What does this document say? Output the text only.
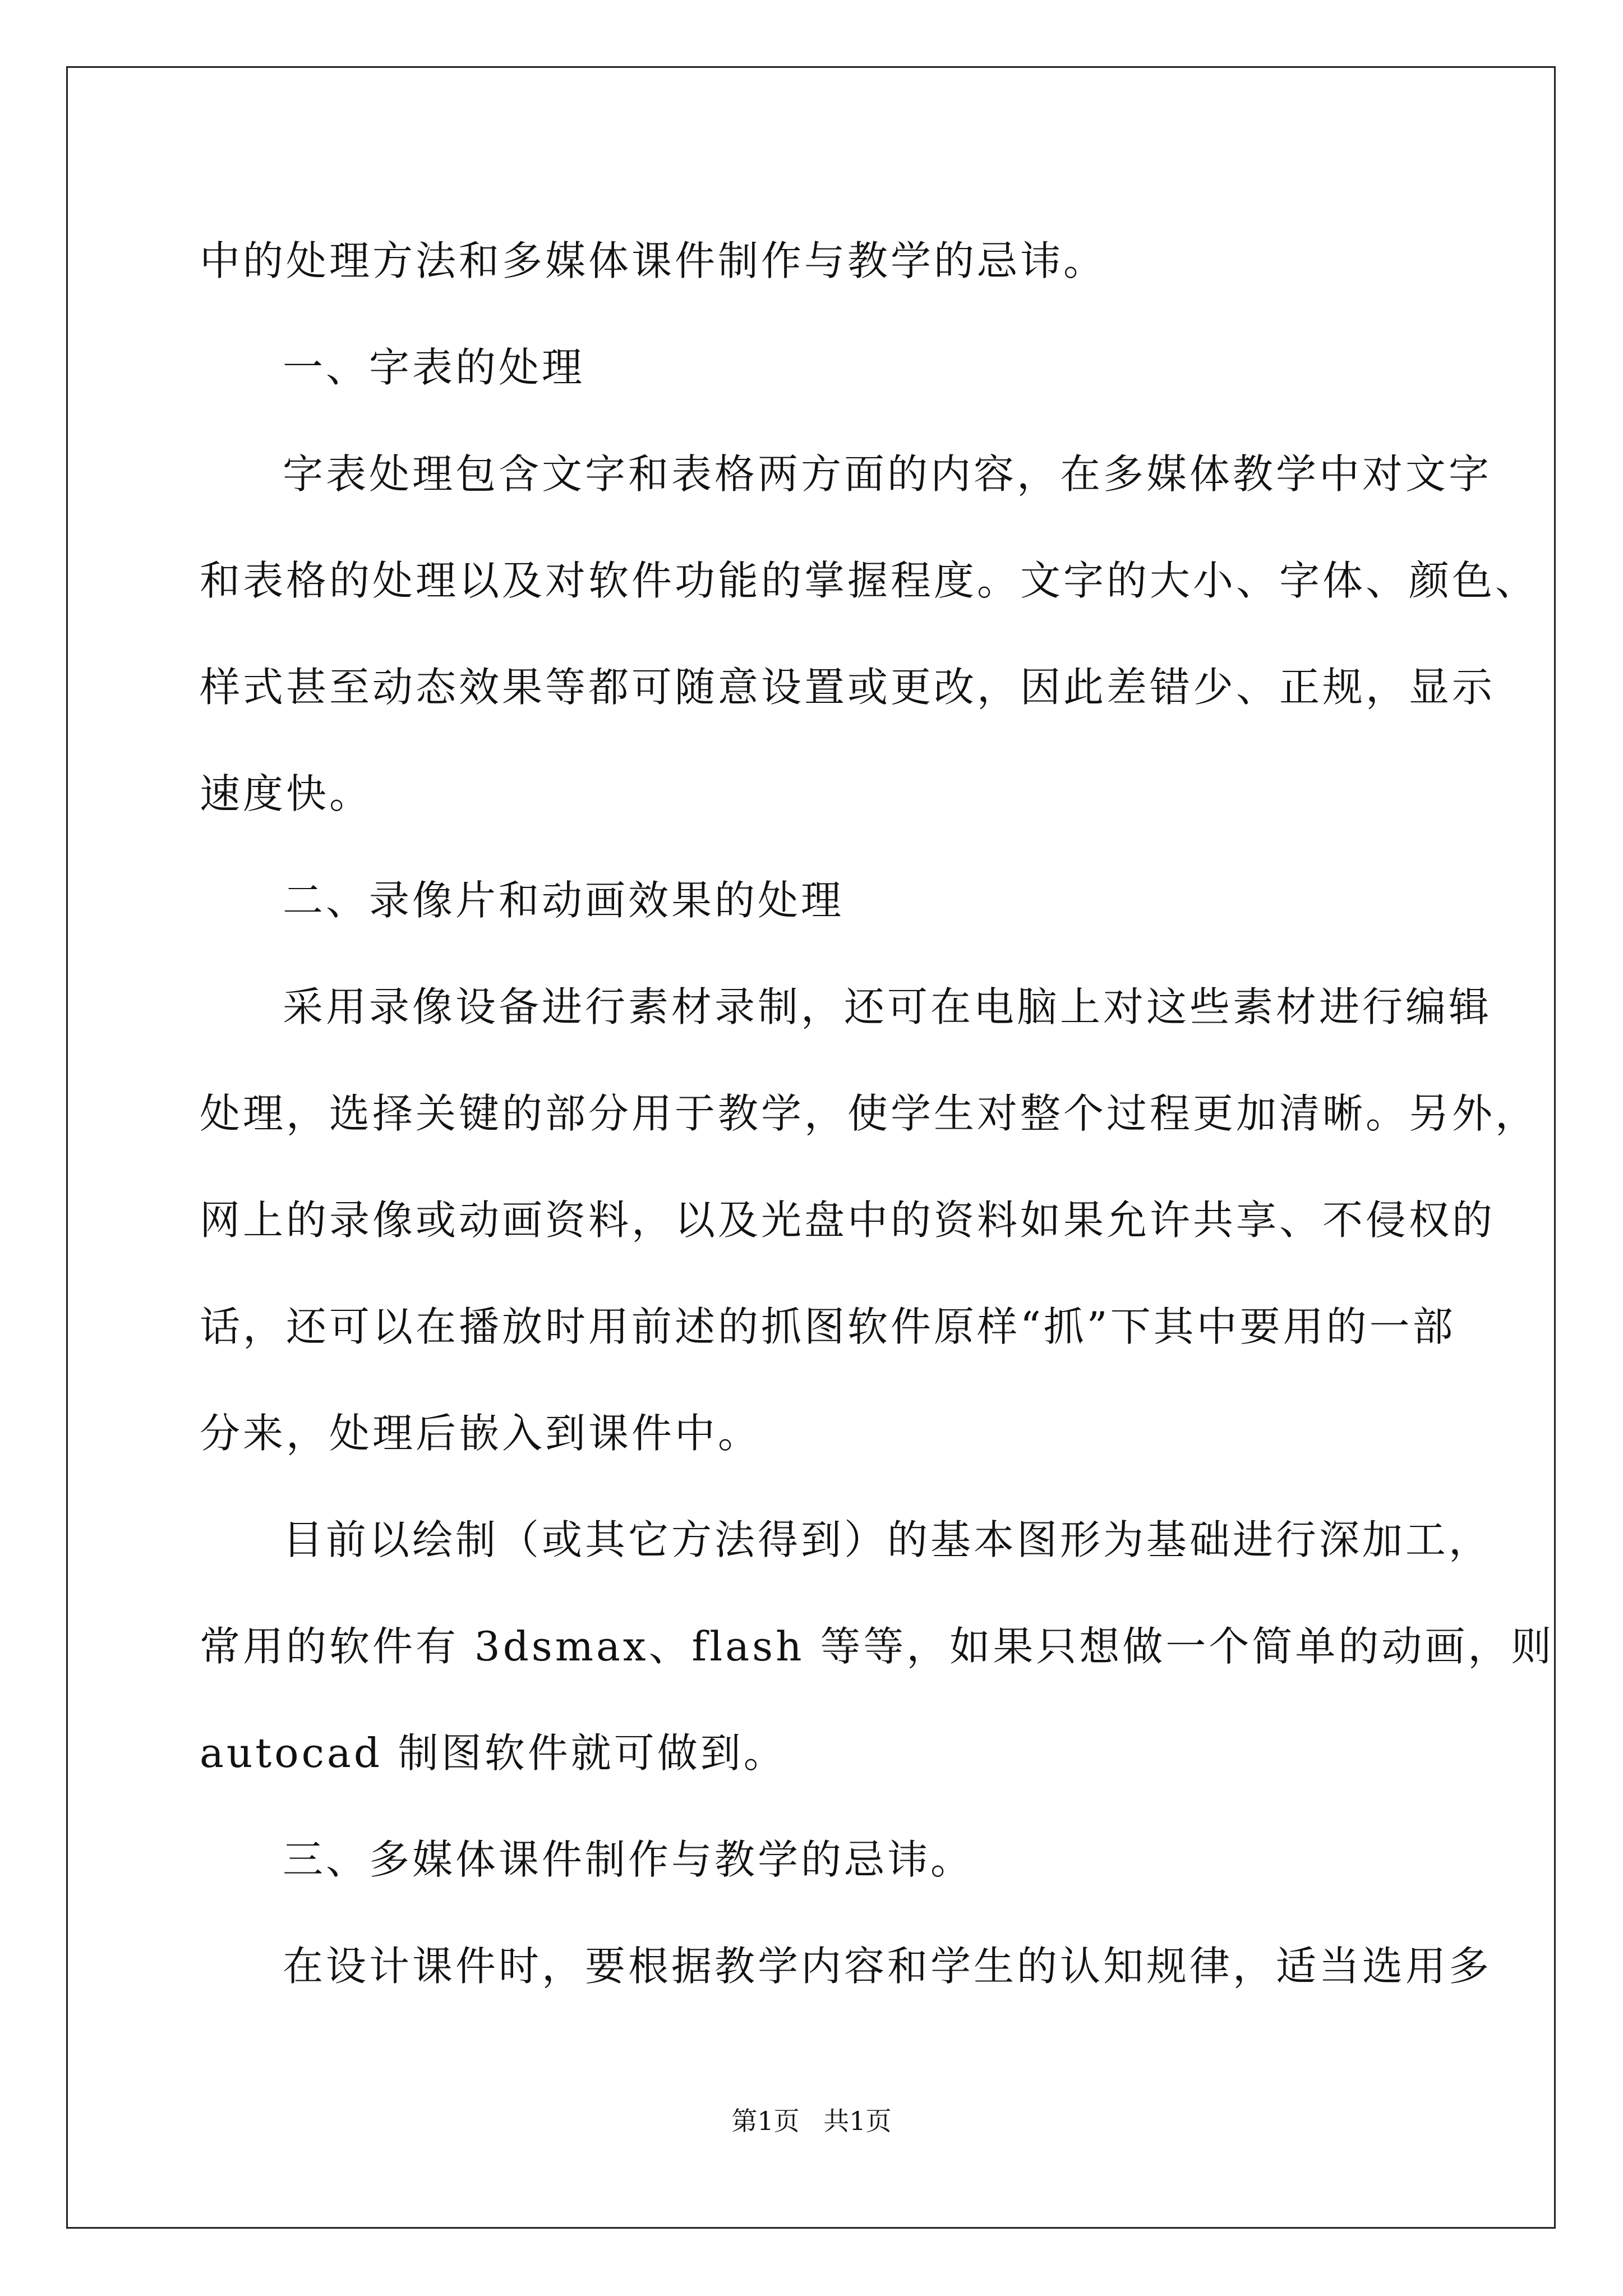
中的处理方法和多媒体课件制作与教学的忌讳。
一、字表的处理
字表处理包含文字和表格两方面的内容，在多媒体教学中对文字
和表格的处理以及对软件功能的掌握程度。文字的大小、字体、颜色、
样式甚至动态效果等都可随意设置或更改，因此差错少、正规，显示
速度快。
二、录像片和动画效果的处理
采用录像设备进行素材录制，还可在电脑上对这些素材进行编辑
处理，选择关键的部分用于教学，使学生对整个过程更加清晰。另外，
网上的录像或动画资料，以及光盘中的资料如果允许共享、不侵权的
话，还可以在播放时用前述的抓图软件原样“抓”下其中要用的一部
分来，处理后嵌入到课件中。
目前以绘制（或其它方法得到）的基本图形为基础进行深加工，
常用的软件有 3dsmax、flash 等等，如果只想做一个简单的动画，则
autocad 制图软件就可做到。
三、多媒体课件制作与教学的忌讳。
在设计课件时，要根据教学内容和学生的认知规律，适当选用多
第1页 共1页
